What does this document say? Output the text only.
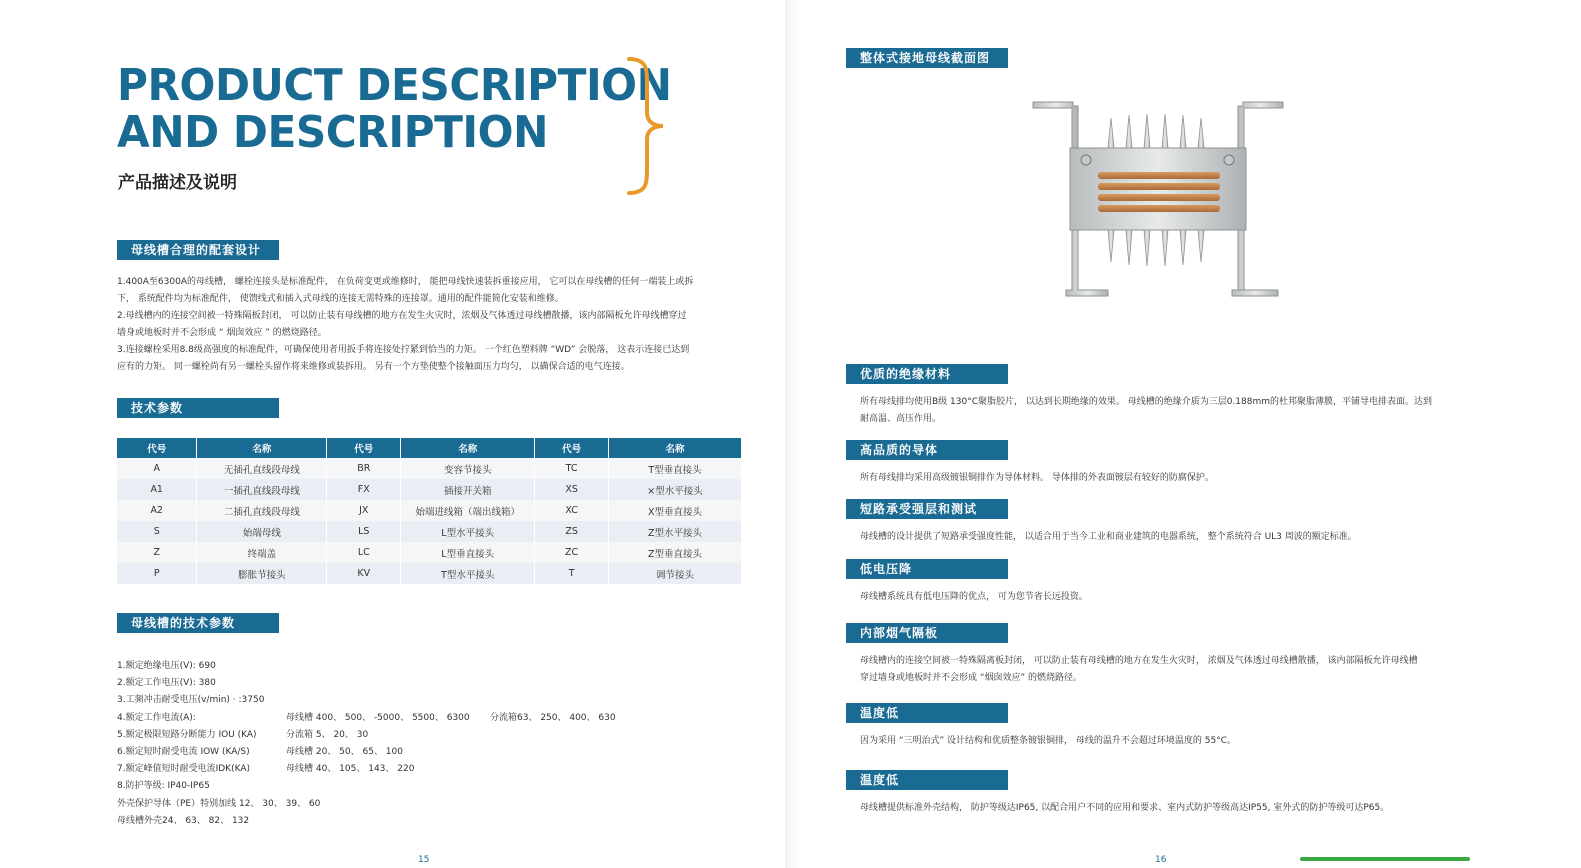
PRODUCT DESCRIPTION
AND DESCRIPTION
产品描述及说明
母线槽合理的配套设计

1.400A至6300A的母线槽， 螺栓连接头是标准配件， 在负荷变更或维修时， 能把母线快速装拆重接应用， 它可以在母线槽的任何一端装上或拆

下， 系统配件均为标准配件， 使馈线式和插入式母线的连接无需特殊的连接罩。通用的配件能简化安装和维修。

2.母线槽内的连接空间被一特殊隔板封闭， 可以防止装有母线槽的地方在发生火灾时，浓烟及气体透过母线槽散播，该内部隔板允许母线槽穿过

墙身或地板时并不会形成 “ 烟囱效应 ” 的燃烧路径。

3.连接螺栓采用8.8级高强度的标准配件，可确保使用者用扳手将连接处拧紧到恰当的力矩。 一个红色塑料牌 “WD” 会脱落， 这表示连接已达到

应有的力矩。 同一螺栓尚有另一螺栓头留作将来维修或装拆用。 另有一个方垫使整个接触面压力均匀， 以确保合适的电气连接。

技术参数
代号	名称	代号	名称	代号	名称
A	无插孔直线段母线	BR	变容节接头	TC	T型垂直接头
A1	一插孔直线段母线	FX	插接开关箱	XS	×型水平接头
A2	二插孔直线段母线	JX	始端进线箱（端出线箱）	XC	X型垂直接头
S	始端母线	LS	L型水平接头	ZS	Z型水平接头
Z	终端盖	LC	L型垂直接头	ZC	Z型垂直接头
P	膨胀节接头	KV	T型水平接头	T	调节接头
母线槽的技术参数
1.额定绝缘电压(V): 690
2.额定工作电压(V): 380
3.工频冲击耐受电压(v/min) · :3750
4.额定工作电流(A):	母线槽 400、 500、 -5000、 5500、 6300 分流箱63、 250、 400、 630
5.额定极限短路分断能力 IOU (KA)	分流箱 5、 20、 30
6.额定短时耐受电流 IOW (KA/S)	母线槽 20、 50、 65、 100
7.额定峰值短时耐受电流IDK(KA)	母线槽 40、 105、 143、 220
8.防护等级: IP40-IP65
外壳保护导体（PE）特别加线 12、 30、 39、 60
母线槽外壳24、 63、 82、 132
15
整体式接地母线截面图
优质的绝缘材料

所有母线排均使用B级 130°C聚脂胶片， 以达到长期绝缘的效果。 母线槽的绝缘介质为三层0.188mm的杜邦聚脂薄膜，平铺导电排表面。达到

耐高温、高压作用。

高品质的导体

所有母线排均采用高级镀银铜排作为导体材料。 导体排的外表面镀层有较好的防腐保护。

短路承受强层和测试

母线槽的设计提供了短路承受强度性能， 以适合用于当今工业和商业建筑的电器系统， 整个系统符合 UL3 周波的额定标准。

低电压降

母线槽系统具有低电压降的优点， 可为您节省长远投资。

内部烟气隔板

母线槽内的连接空间被一特殊隔离板封闭， 可以防止装有母线槽的地方在发生火灾时， 浓烟及气体透过母线槽散播， 该内部隔板允许母线槽

穿过墙身或地板时并不会形成 “烟囱效应” 的燃烧路径。

温度低

因为采用 “三明治式” 设计结构和优质整条镀银铜排， 母线的温升不会超过环境温度的 55°C。

温度低

母线槽提供标准外壳结构， 防护等级达IP65, 以配合用户不同的应用和要求、室内式防护等级高达IP55, 室外式的防护等级可达P65。

16
